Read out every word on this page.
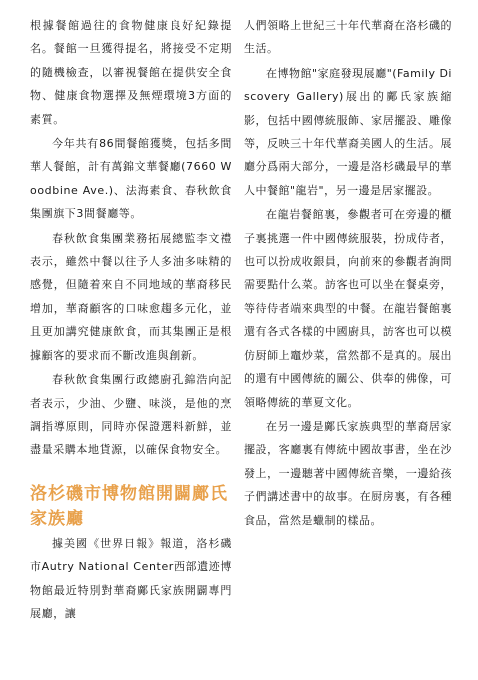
根據餐館過往的食物健康良好紀錄提名。餐館一旦獲得提名，將接受不定期的隨機檢查，以審視餐館在提供安全食物、健康食物選擇及無煙環境3方面的素質。

今年共有86間餐館獲獎，包括多間華人餐館，計有萬錦文華餐廳(7660 Woodbine Ave.)、法海素食、春秋飲食集團旗下3間餐廳等。

春秋飲食集團業務拓展總監李文禮表示，雖然中餐以往予人多油多味精的感覺，但隨着來自不同地域的華裔移民增加，華裔顧客的口味愈趨多元化，並且更加講究健康飲食，而其集團正是根據顧客的要求而不斷改進與創新。

春秋飲食集團行政總廚孔錦浩向記者表示，少油、少鹽、味淡，是他的烹調指導原則，同時亦保證選料新鮮，並盡量采購本地貨源，以確保食物安全。

洛杉磯市博物館開闢鄺氏家族廳

據美國《世界日報》報道，洛杉磯市Autry National Center西部遺迹博物館最近特別對華裔鄺氏家族開闢專門展廳，讓

人們領略上世紀三十年代華裔在洛杉磯的生活。

在博物館"家庭發現展廳"(Family Discovery Gallery)展出的鄺氏家族縮影，包括中國傳統服飾、家居擺設、雕像等，反映三十年代華裔美國人的生活。展廳分爲兩大部分，一邊是洛杉磯最早的華人中餐館"龍岩"，另一邊是居家擺設。

在龍岩餐館裏，參觀者可在旁邊的櫃子裏挑選一件中國傳統服裝，扮成侍者，也可以扮成收銀員，向前來的參觀者詢問需要點什么菜。訪客也可以坐在餐桌旁，等待侍者端來典型的中餐。在龍岩餐館裏還有各式各樣的中國廚具，訪客也可以模仿厨師上竈炒菜，當然都不是真的。展出的還有中國傳統的關公、供奉的佛像，可領略傳統的華夏文化。

在另一邊是鄺氏家族典型的華裔居家擺設，客廳裏有傳統中國故事書，坐在沙發上，一邊聽著中國傳統音樂，一邊給孩子們講述書中的故事。在厨房裏，有各種食品，當然是蠟制的樣品。
